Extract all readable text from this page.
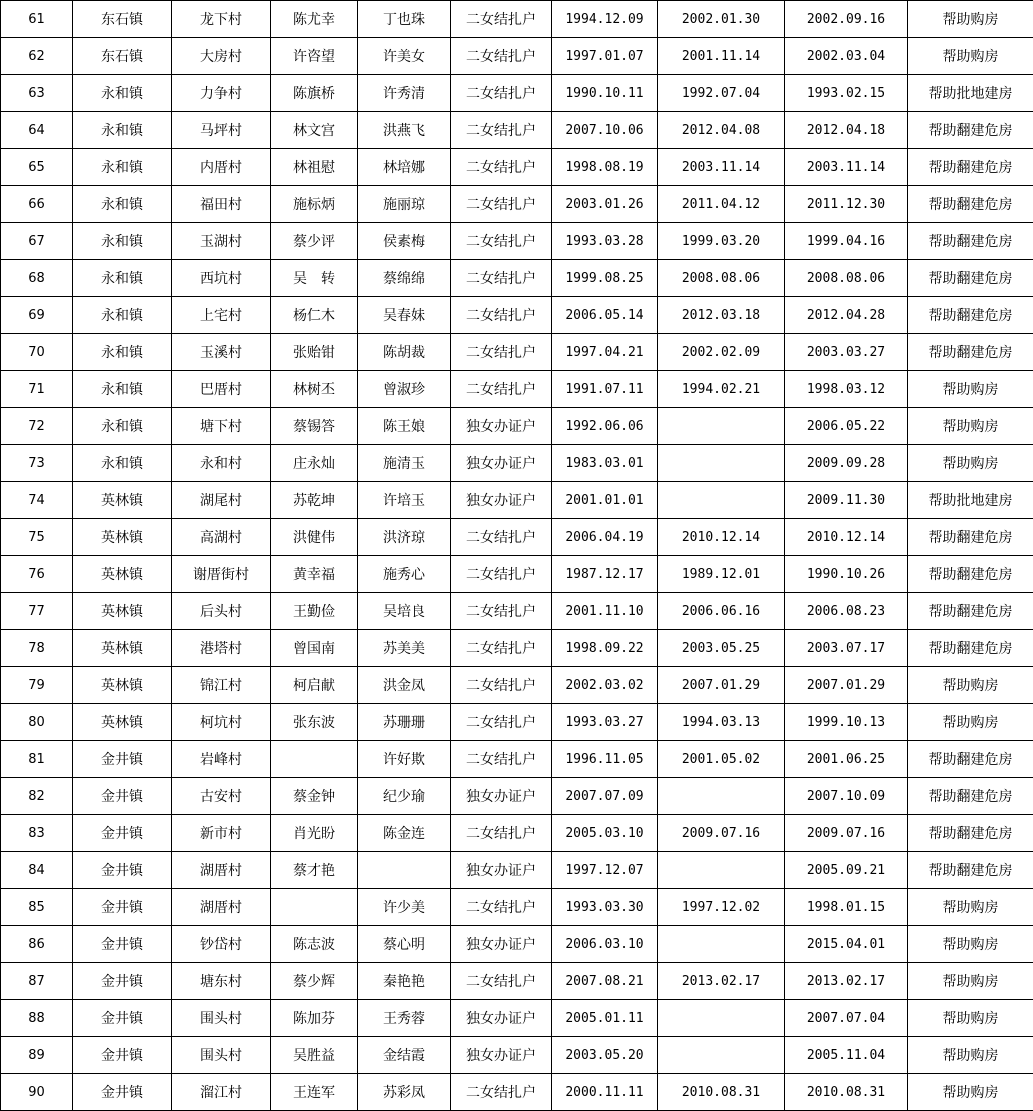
61	东石镇	龙下村	陈尤幸	丁也珠	二女结扎户	1994.12.09	2002.01.30	2002.09.16	帮助购房
62	东石镇	大房村	许咨望	许美女	二女结扎户	1997.01.07	2001.11.14	2002.03.04	帮助购房
63	永和镇	力争村	陈旗桥	许秀清	二女结扎户	1990.10.11	1992.07.04	1993.02.15	帮助批地建房
64	永和镇	马坪村	林文宫	洪燕飞	二女结扎户	2007.10.06	2012.04.08	2012.04.18	帮助翻建危房
65	永和镇	内厝村	林祖慰	林培娜	二女结扎户	1998.08.19	2003.11.14	2003.11.14	帮助翻建危房
66	永和镇	福田村	施标炳	施丽琼	二女结扎户	2003.01.26	2011.04.12	2011.12.30	帮助翻建危房
67	永和镇	玉湖村	蔡少评	侯素梅	二女结扎户	1993.03.28	1999.03.20	1999.04.16	帮助翻建危房
68	永和镇	西坑村	吴　转	蔡绵绵	二女结扎户	1999.08.25	2008.08.06	2008.08.06	帮助翻建危房
69	永和镇	上宅村	杨仁木	吴春妹	二女结扎户	2006.05.14	2012.03.18	2012.04.28	帮助翻建危房
70	永和镇	玉溪村	张贻钳	陈胡裁	二女结扎户	1997.04.21	2002.02.09	2003.03.27	帮助翻建危房
71	永和镇	巴厝村	林树丕	曾淑珍	二女结扎户	1991.07.11	1994.02.21	1998.03.12	帮助购房
72	永和镇	塘下村	蔡锡答	陈王娘	独女办证户	1992.06.06		2006.05.22	帮助购房
73	永和镇	永和村	庄永灿	施清玉	独女办证户	1983.03.01		2009.09.28	帮助购房
74	英林镇	湖尾村	苏乾坤	许培玉	独女办证户	2001.01.01		2009.11.30	帮助批地建房
75	英林镇	高湖村	洪健伟	洪济琼	二女结扎户	2006.04.19	2010.12.14	2010.12.14	帮助翻建危房
76	英林镇	谢厝街村	黄幸福	施秀心	二女结扎户	1987.12.17	1989.12.01	1990.10.26	帮助翻建危房
77	英林镇	后头村	王勤俭	吴培良	二女结扎户	2001.11.10	2006.06.16	2006.08.23	帮助翻建危房
78	英林镇	港塔村	曾国南	苏美美	二女结扎户	1998.09.22	2003.05.25	2003.07.17	帮助翻建危房
79	英林镇	锦江村	柯启献	洪金凤	二女结扎户	2002.03.02	2007.01.29	2007.01.29	帮助购房
80	英林镇	柯坑村	张东波	苏珊珊	二女结扎户	1993.03.27	1994.03.13	1999.10.13	帮助购房
81	金井镇	岩峰村		许好欺	二女结扎户	1996.11.05	2001.05.02	2001.06.25	帮助翻建危房
82	金井镇	古安村	蔡金钟	纪少瑜	独女办证户	2007.07.09		2007.10.09	帮助翻建危房
83	金井镇	新市村	肖光盼	陈金连	二女结扎户	2005.03.10	2009.07.16	2009.07.16	帮助翻建危房
84	金井镇	湖厝村	蔡才艳		独女办证户	1997.12.07		2005.09.21	帮助翻建危房
85	金井镇	湖厝村		许少美	二女结扎户	1993.03.30	1997.12.02	1998.01.15	帮助购房
86	金井镇	钞岱村	陈志波	蔡心明	独女办证户	2006.03.10		2015.04.01	帮助购房
87	金井镇	塘东村	蔡少辉	秦艳艳	二女结扎户	2007.08.21	2013.02.17	2013.02.17	帮助购房
88	金井镇	围头村	陈加芬	王秀蓉	独女办证户	2005.01.11		2007.07.04	帮助购房
89	金井镇	围头村	吴胜益	金结霞	独女办证户	2003.05.20		2005.11.04	帮助购房
90	金井镇	溜江村	王连军	苏彩凤	二女结扎户	2000.11.11	2010.08.31	2010.08.31	帮助购房
